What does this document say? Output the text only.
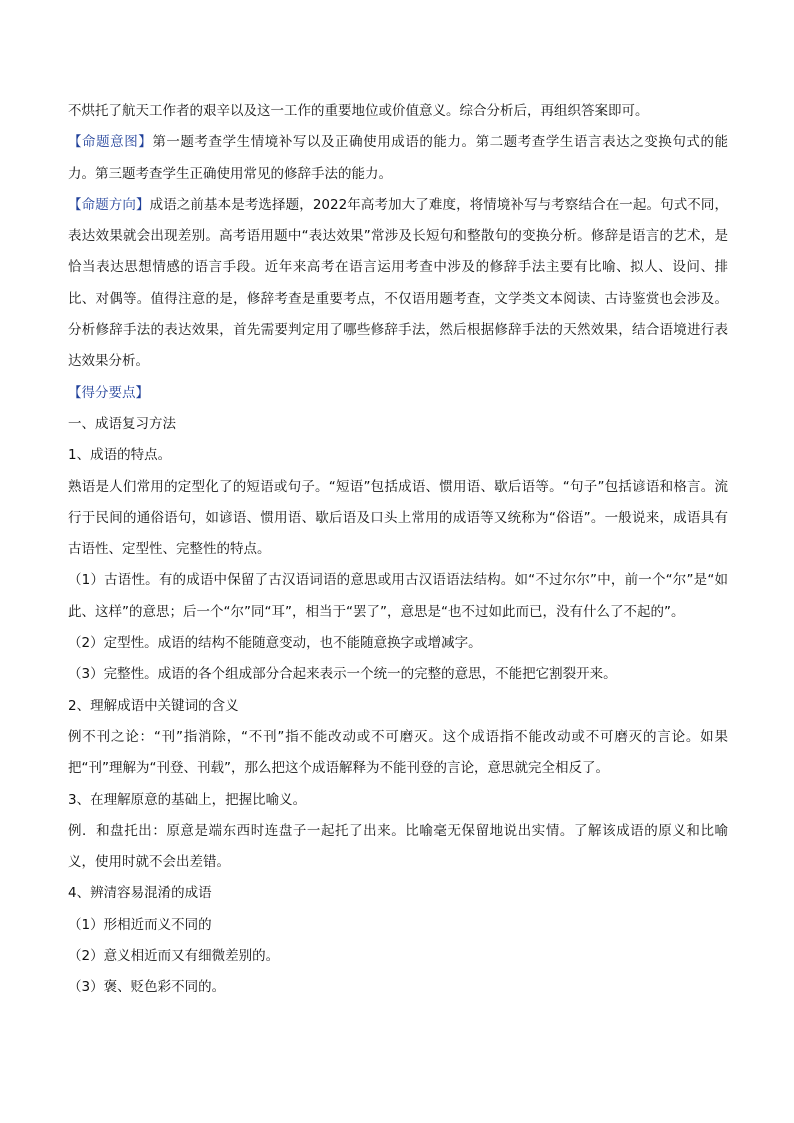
不烘托了航天工作者的艰辛以及这一工作的重要地位或价值意义。综合分析后，再组织答案即可。

【命题意图】第一题考查学生情境补写以及正确使用成语的能力。第二题考查学生语言表达之变换句式的能力。第三题考查学生正确使用常见的修辞手法的能力。

【命题方向】成语之前基本是考选择题，2022年高考加大了难度，将情境补写与考察结合在一起。句式不同，表达效果就会出现差别。高考语用题中“表达效果”常涉及长短句和整散句的变换分析。修辞是语言的艺术，是恰当表达思想情感的语言手段。近年来高考在语言运用考查中涉及的修辞手法主要有比喻、拟人、设问、排比、对偶等。值得注意的是，修辞考查是重要考点，不仅语用题考查，文学类文本阅读、古诗鉴赏也会涉及。分析修辞手法的表达效果，首先需要判定用了哪些修辞手法，然后根据修辞手法的天然效果，结合语境进行表达效果分析。

【得分要点】

一、成语复习方法

1、成语的特点。

熟语是人们常用的定型化了的短语或句子。“短语”包括成语、惯用语、歇后语等。“句子”包括谚语和格言。流行于民间的通俗语句，如谚语、惯用语、歇后语及口头上常用的成语等又统称为“俗语”。一般说来，成语具有古语性、定型性、完整性的特点。

（1）古语性。有的成语中保留了古汉语词语的意思或用古汉语语法结构。如“不过尔尔”中，前一个“尔”是“如此、这样”的意思；后一个“尔”同“耳”，相当于“罢了”，意思是“也不过如此而已，没有什么了不起的”。

（2）定型性。成语的结构不能随意变动，也不能随意换字或增减字。

（3）完整性。成语的各个组成部分合起来表示一个统一的完整的意思，不能把它割裂开来。

2、理解成语中关键词的含义

例不刊之论：“刊”指消除，“不刊”指不能改动或不可磨灭。这个成语指不能改动或不可磨灭的言论。如果把“刊”理解为“刊登、刊载”，那么把这个成语解释为不能刊登的言论，意思就完全相反了。

3、在理解原意的基础上，把握比喻义。

例．和盘托出：原意是端东西时连盘子一起托了出来。比喻毫无保留地说出实情。了解该成语的原义和比喻义，使用时就不会出差错。

4、辨清容易混淆的成语

（1）形相近而义不同的

（2）意义相近而又有细微差别的。

（3）褒、贬色彩不同的。
